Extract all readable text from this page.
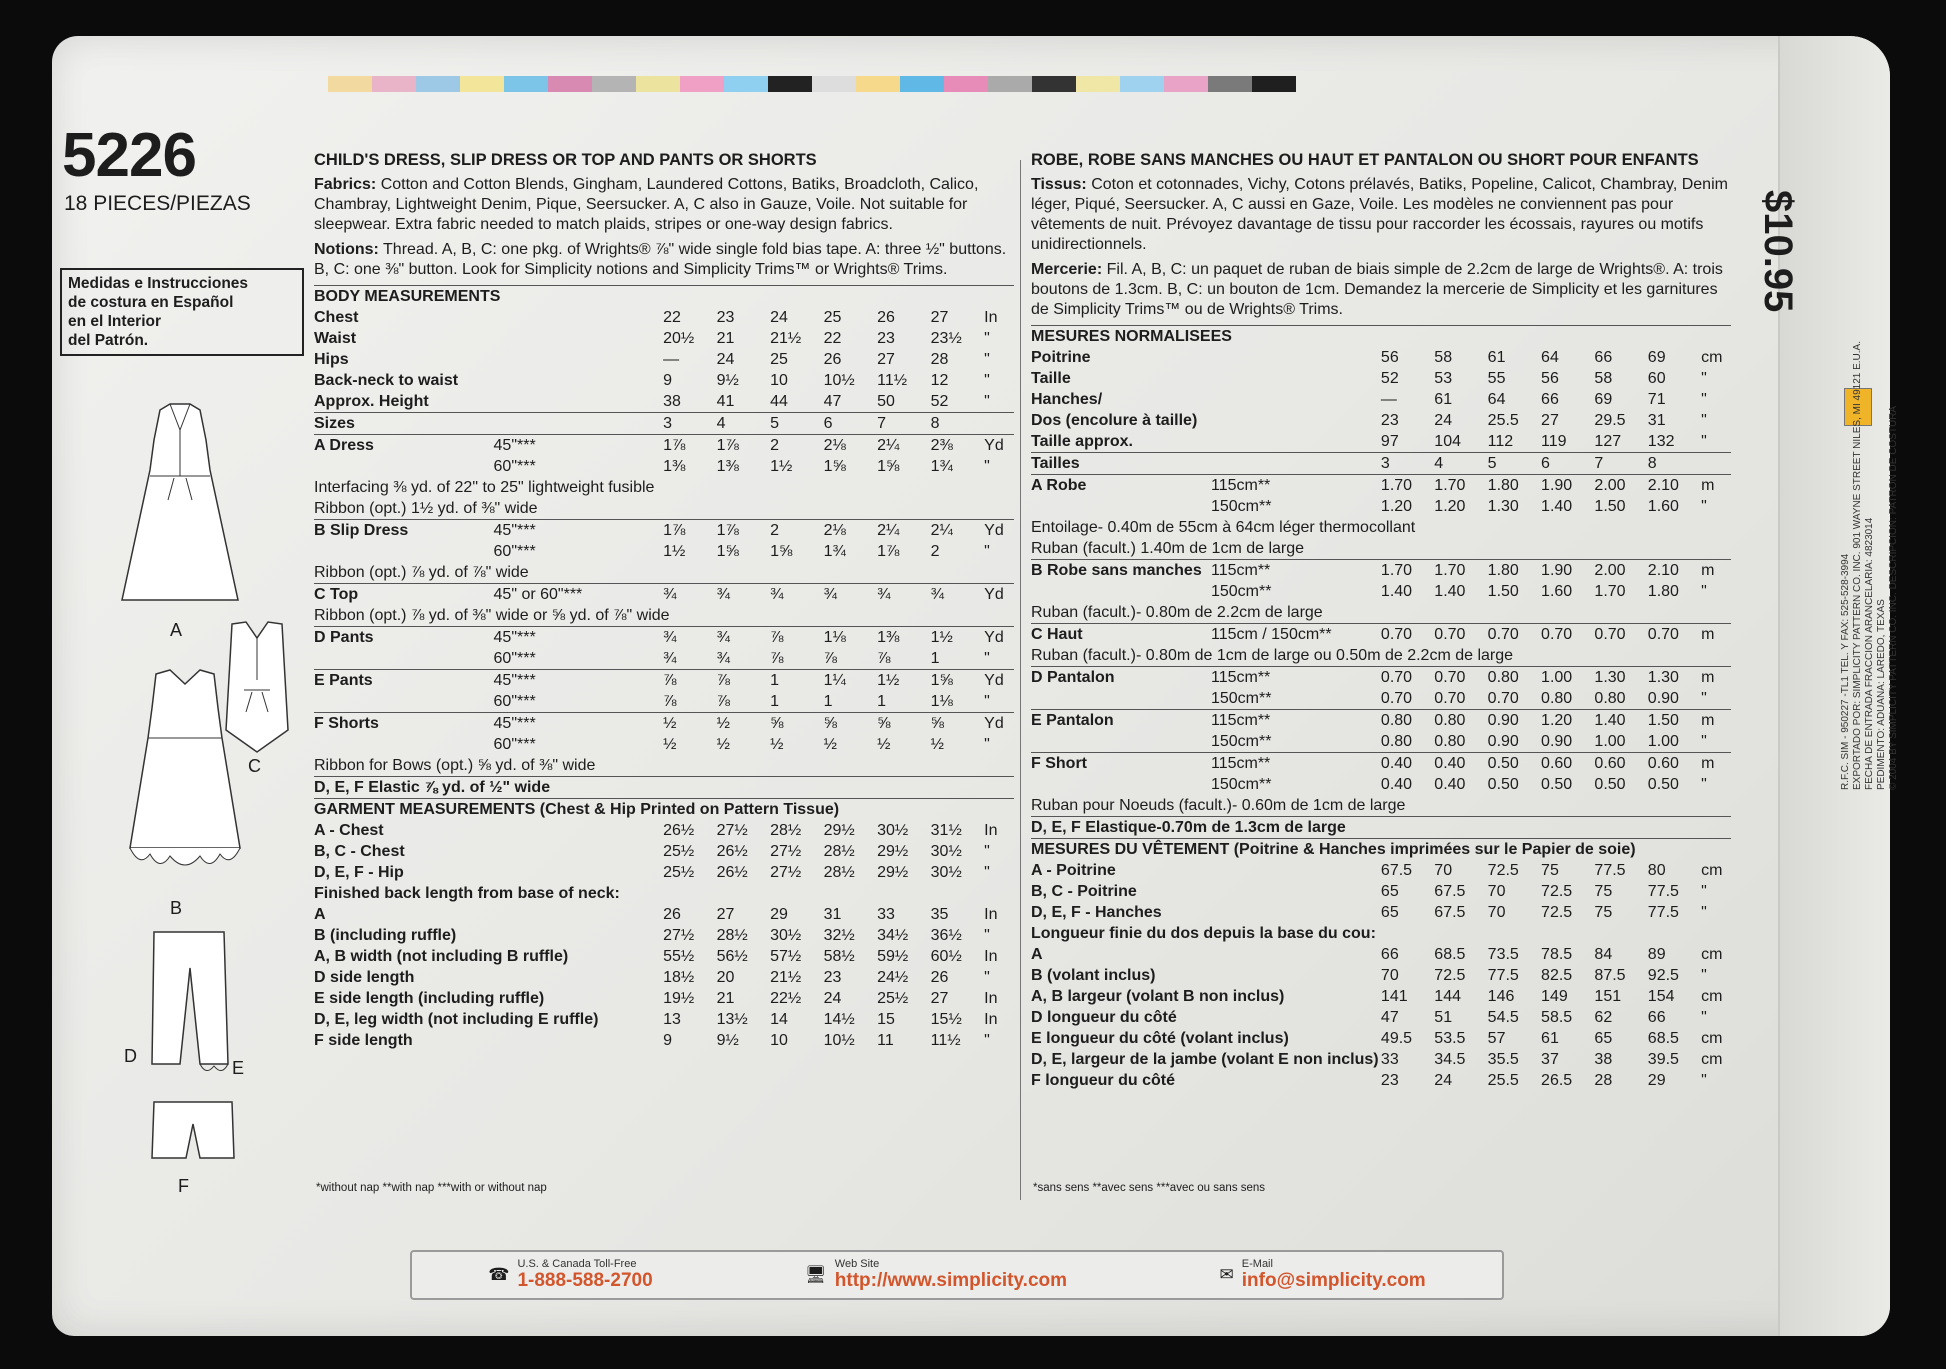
5226
18 PIECES/PIEZAS
Medidas e Instrucciones
de costura en Español
en el Interior
del Patrón.
A
C
B
D
E
F
CHILD'S DRESS, SLIP DRESS OR TOP AND PANTS OR SHORTS
Fabrics: Cotton and Cotton Blends, Gingham, Laundered Cottons, Batiks, Broadcloth, Calico, Chambray, Lightweight Denim, Pique, Seersucker. A, C also in Gauze, Voile. Not suitable for sleepwear. Extra fabric needed to match plaids, stripes or one-way design fabrics.
Notions: Thread. A, B, C: one pkg. of Wrights® ⅞" wide single fold bias tape. A: three ½" buttons. B, C: one ⅜" button. Look for Simplicity notions and Simplicity Trims™ or Wrights® Trims.
BODY MEASUREMENTS								
Chest		22	23	24	25	26	27	In
Waist		20½	21	21½	22	23	23½	"
Hips		—	24	25	26	27	28	"
Back-neck to waist		9	9½	10	10½	11½	12	"
Approx. Height		38	41	44	47	50	52	"
Sizes		3	4	5	6	7	8	
A Dress	45"***	1⅞	1⅞	2	2⅛	2¼	2⅜	Yd
	60"***	1⅜	1⅜	1½	1⅝	1⅝	1¾	"
Interfacing ⅜ yd. of 22" to 25" lightweight fusible								
Ribbon (opt.) 1½ yd. of ⅜" wide								
B Slip Dress	45"***	1⅞	1⅞	2	2⅛	2¼	2¼	Yd
	60"***	1½	1⅝	1⅝	1¾	1⅞	2	"
Ribbon (opt.) ⅞ yd. of ⅞" wide								
C Top	45" or 60"***	¾	¾	¾	¾	¾	¾	Yd
Ribbon (opt.) ⅞ yd. of ⅜" wide or ⅝ yd. of ⅞" wide								
D Pants	45"***	¾	¾	⅞	1⅛	1⅜	1½	Yd
	60"***	¾	¾	⅞	⅞	⅞	1	"
E Pants	45"***	⅞	⅞	1	1¼	1½	1⅝	Yd
	60"***	⅞	⅞	1	1	1	1⅛	"
F Shorts	45"***	½	½	⅝	⅝	⅝	⅝	Yd
	60"***	½	½	½	½	½	½	"
Ribbon for Bows (opt.) ⅝ yd. of ⅜" wide								
D, E, F Elastic ⅞ yd. of ½" wide								
GARMENT MEASUREMENTS (Chest & Hip Printed on Pattern Tissue)								
A - Chest		26½	27½	28½	29½	30½	31½	In
B, C - Chest		25½	26½	27½	28½	29½	30½	"
D, E, F - Hip		25½	26½	27½	28½	29½	30½	"
Finished back length from base of neck:								
A		26	27	29	31	33	35	In
B (including ruffle)		27½	28½	30½	32½	34½	36½	"
A, B width (not including B ruffle)		55½	56½	57½	58½	59½	60½	In
D side length		18½	20	21½	23	24½	26	"
E side length (including ruffle)		19½	21	22½	24	25½	27	In
D, E, leg width (not including E ruffle)		13	13½	14	14½	15	15½	In
F side length		9	9½	10	10½	11	11½	"
*without nap **with nap ***with or without nap
ROBE, ROBE SANS MANCHES OU HAUT ET PANTALON OU SHORT POUR ENFANTS
Tissus: Coton et cotonnades, Vichy, Cotons prélavés, Batiks, Popeline, Calicot, Chambray, Denim léger, Piqué, Seersucker. A, C aussi en Gaze, Voile. Les modèles ne conviennent pas pour vêtements de nuit. Prévoyez davantage de tissu pour raccorder les écossais, rayures ou motifs unidirectionnels.
Mercerie: Fil. A, B, C: un paquet de ruban de biais simple de 2.2cm de large de Wrights®. A: trois boutons de 1.3cm. B, C: un bouton de 1cm. Demandez la mercerie de Simplicity et les garnitures de Simplicity Trims™ ou de Wrights® Trims.
MESURES NORMALISEES								
Poitrine		56	58	61	64	66	69	cm
Taille		52	53	55	56	58	60	"
Hanches/		—	61	64	66	69	71	"
Dos (encolure à taille)		23	24	25.5	27	29.5	31	"
Taille approx.		97	104	112	119	127	132	"
Tailles		3	4	5	6	7	8	
A Robe	115cm**	1.70	1.70	1.80	1.90	2.00	2.10	m
	150cm**	1.20	1.20	1.30	1.40	1.50	1.60	"
Entoilage- 0.40m de 55cm à 64cm léger thermocollant								
Ruban (facult.) 1.40m de 1cm de large								
B Robe sans manches	115cm**	1.70	1.70	1.80	1.90	2.00	2.10	m
	150cm**	1.40	1.40	1.50	1.60	1.70	1.80	"
Ruban (facult.)- 0.80m de 2.2cm de large								
C Haut	115cm / 150cm**	0.70	0.70	0.70	0.70	0.70	0.70	m
Ruban (facult.)- 0.80m de 1cm de large ou 0.50m de 2.2cm de large								
D Pantalon	115cm**	0.70	0.70	0.80	1.00	1.30	1.30	m
	150cm**	0.70	0.70	0.70	0.80	0.80	0.90	"
E Pantalon	115cm**	0.80	0.80	0.90	1.20	1.40	1.50	m
	150cm**	0.80	0.80	0.90	0.90	1.00	1.00	"
F Short	115cm**	0.40	0.40	0.50	0.60	0.60	0.60	m
	150cm**	0.40	0.40	0.50	0.50	0.50	0.50	"
Ruban pour Noeuds (facult.)- 0.60m de 1cm de large								
D, E, F Elastique-0.70m de 1.3cm de large								
MESURES DU VÊTEMENT (Poitrine & Hanches imprimées sur le Papier de soie)								
A - Poitrine		67.5	70	72.5	75	77.5	80	cm
B, C - Poitrine		65	67.5	70	72.5	75	77.5	"
D, E, F - Hanches		65	67.5	70	72.5	75	77.5	"
Longueur finie du dos depuis la base du cou:								
A		66	68.5	73.5	78.5	84	89	cm
B (volant inclus)		70	72.5	77.5	82.5	87.5	92.5	"
A, B largeur (volant B non inclus)		141	144	146	149	151	154	cm
D longueur du côté		47	51	54.5	58.5	62	66	"
E longueur du côté (volant inclus)		49.5	53.5	57	61	65	68.5	cm
D, E, largeur de la jambe (volant E non inclus)		33	34.5	35.5	37	38	39.5	cm
F longueur du côté		23	24	25.5	26.5	28	29	"
*sans sens **avec sens ***avec ou sans sens
$10.95
R.F.C. SIM - 950227 -TL1 TEL. Y FAX: 525-528-3994 EXPORTADO POR: SIMPLICITY PATTERN CO. INC. 901 WAYNE STREET NILES, MI 49121 E.U.A. FECHA DE ENTRADA FRACCION ARANCELARIA: 4823014 PEDIMENTO: ADUANA: LAREDO, TEXAS © 2004 BY SIMPLICITY PATTERN CO. INC. DESCRIPCION: PATRON DE COSTURA
☎
U.S. & Canada Toll-Free
1-888-588-2700	🖥
Web Site
http://www.simplicity.com	✉
E-Mail
info@simplicity.com
